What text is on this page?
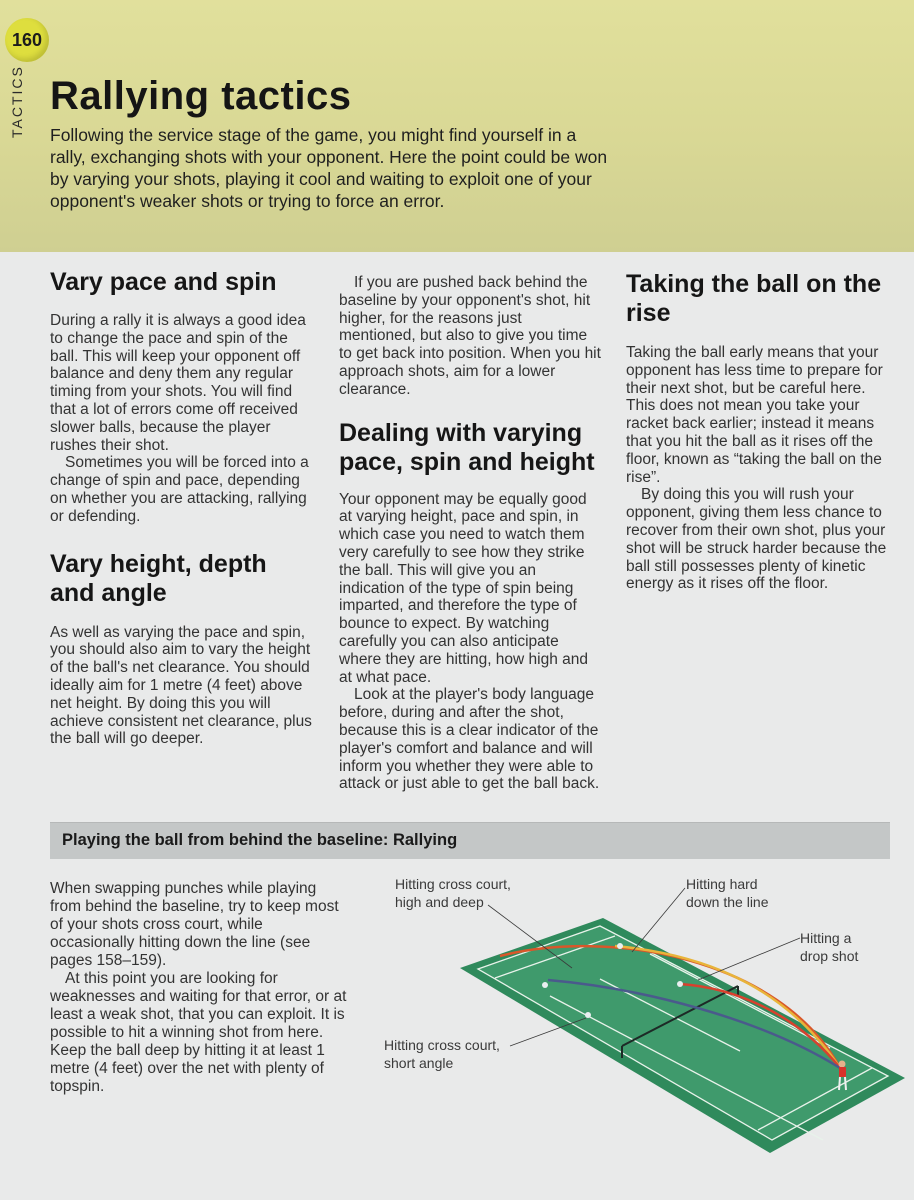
160
TACTICS Rallying tactics

Following the service stage of the game, you might find yourself in a rally, exchanging shots with your opponent. Here the point could be won by varying your shots, playing it cool and waiting to exploit one of your opponent's weaker shots or trying to force an error.

Vary pace and spin

During a rally it is always a good idea to change the pace and spin of the ball. This will keep your opponent off balance and deny them any regular timing from your shots. You will find that a lot of errors come off received slower balls, because the player rushes their shot.

Sometimes you will be forced into a change of spin and pace, depending on whether you are attacking, rallying or defending.

Vary height, depth and angle

As well as varying the pace and spin, you should also aim to vary the height of the ball's net clearance. You should ideally aim for 1 metre (4 feet) above net height. By doing this you will achieve consistent net clearance, plus the ball will go deeper.

If you are pushed back behind the baseline by your opponent's shot, hit higher, for the reasons just mentioned, but also to give you time to get back into position. When you hit approach shots, aim for a lower clearance.

Dealing with varying pace, spin and height

Your opponent may be equally good at varying height, pace and spin, in which case you need to watch them very carefully to see how they strike the ball. This will give you an indication of the type of spin being imparted, and therefore the type of bounce to expect. By watching carefully you can also anticipate where they are hitting, how high and at what pace.

Look at the player's body language before, during and after the shot, because this is a clear indicator of the player's comfort and balance and will inform you whether they were able to attack or just able to get the ball back.

Taking the ball on the rise

Taking the ball early means that your opponent has less time to prepare for their next shot, but be careful here. This does not mean you take your racket back earlier; instead it means that you hit the ball as it rises off the floor, known as “taking the ball on the rise”.

By doing this you will rush your opponent, giving them less chance to recover from their own shot, plus your shot will be struck harder because the ball still possesses plenty of kinetic energy as it rises off the floor.

Playing the ball from behind the baseline: Rallying

When swapping punches while playing from behind the baseline, try to keep most of your shots cross court, while occasionally hitting down the line (see pages 158–159).

At this point you are looking for weaknesses and waiting for that error, or at least a weak shot, that you can exploit. It is possible to hit a winning shot from here. Keep the ball deep by hitting it at least 1 metre (4 feet) over the net with plenty of topspin.

Hitting cross court,
high and deep
Hitting hard
down the line
Hitting a
drop shot
Hitting cross court,
short angle
